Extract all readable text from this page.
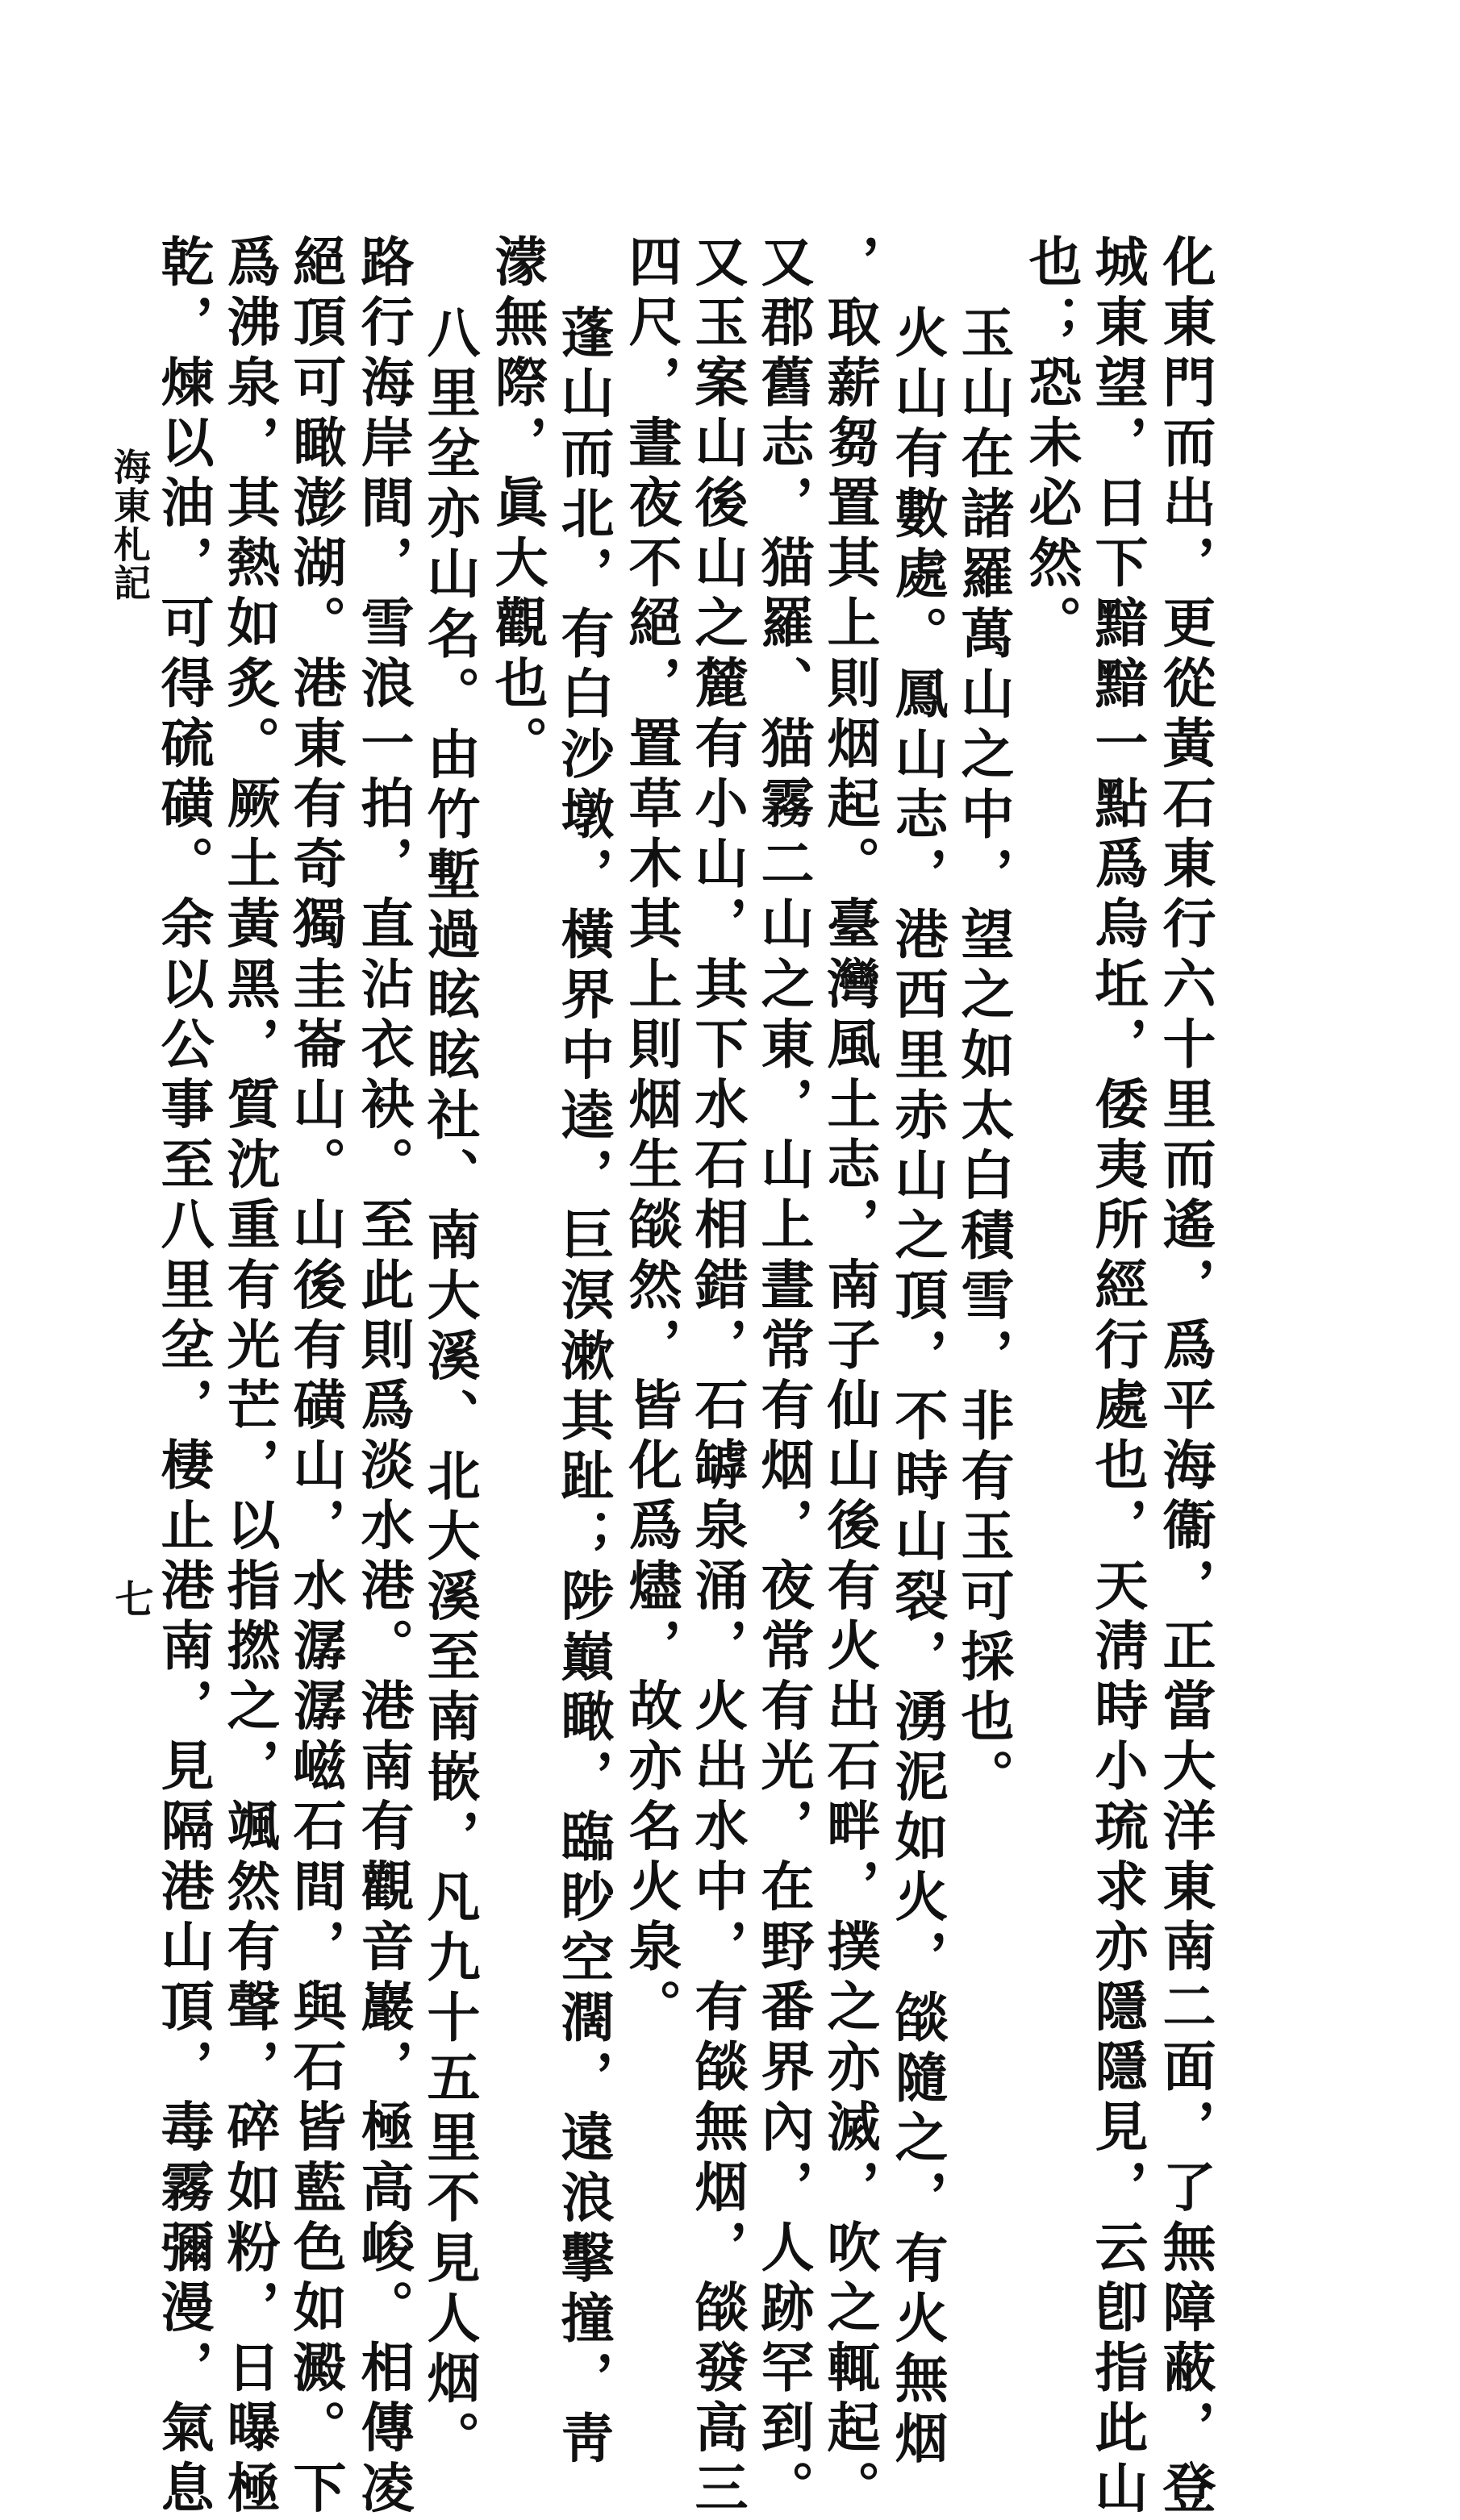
化東門而出，更從黃石東行六十里而遙，爲平海衞，正當大洋東南二面，了無障蔽，登
城東望，日下黯黯一點爲烏坵，倭夷所經行處也，天淸時小琉求亦隱隱見，云卽指此山
也；恐未必然。
玉山在諸羅萬山之中，望之如太白積雪，非有玉可採也。
火山有數處。鳳山志，港西里赤山之頂，不時山裂，湧泥如火，燄隨之，有火無烟
，取薪芻置其上則烟起。臺灣風土志，南子仙山後有火出石畔，撲之亦滅，吹之輒起。
又郡舊志，猫羅、猫霧二山之東，山上晝常有烟，夜常有光，在野番界內，人跡罕到。
又玉案山後山之麓有小山，其下水石相錯，石罅泉涌，火出水中，有燄無烟，燄發高三
四尺，晝夜不絕，置草木其上則烟生燄然，皆化爲燼，故亦名火泉。
蓬山而北，有白沙墩，橫界中逵，巨溟漱其趾；陟巔瞰，臨眇空濶，遠浪擊撞，靑
濛無際，眞大觀也。
八里坌亦山名。由竹塹過眩眩社、南大溪、北大溪至南嵌，凡九十五里不見人烟。
路行海岸間，雪浪一拍，直沾衣袂。至此則爲淡水港。港南有觀音巖，極高峻。相傳凌
絕頂可瞰澎湖。港東有奇獨圭崙山。山後有磺山，水潺潺嵫石間，與石皆藍色如澱。下
爲沸泉，其熱如炙。厥土黃黑，質沈重有光芒，以指撚之，颯然有聲，碎如粉，日曝極
乾，煉以油，可得硫磺。余以公事至八里坌，棲止港南，見隔港山頂，毒霧彌漫，氣息
海東札記
七
